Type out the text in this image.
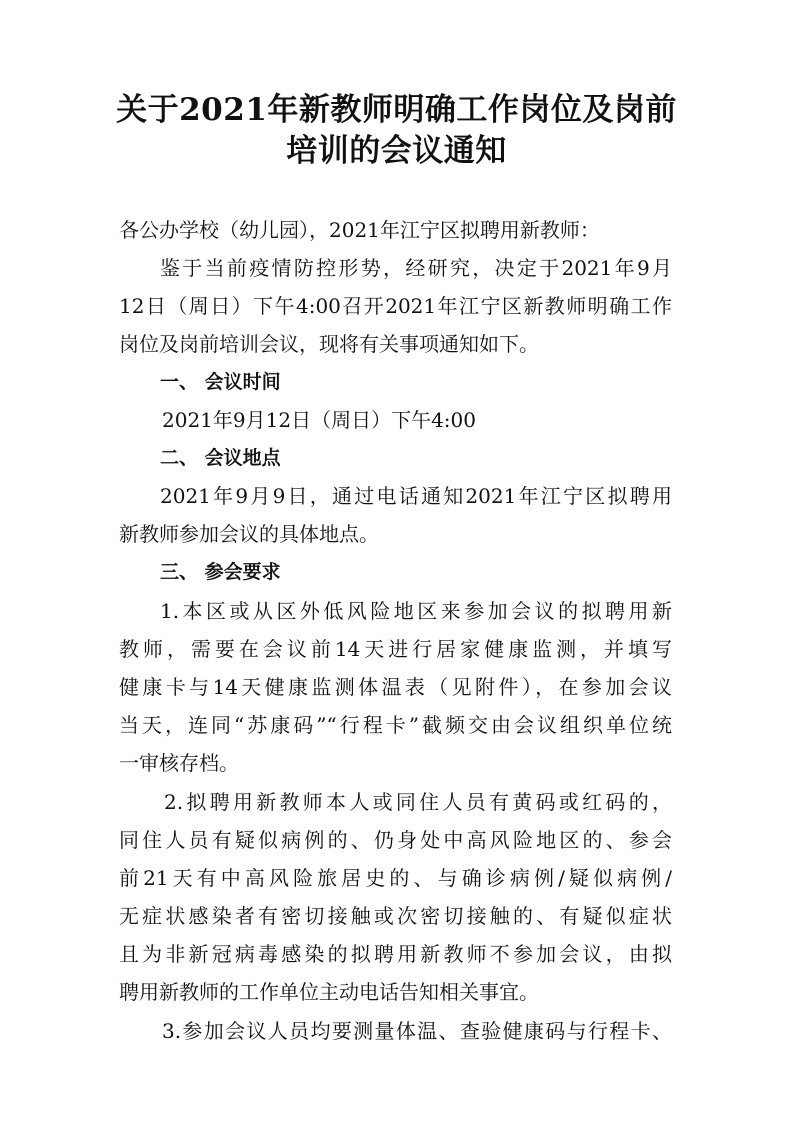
关于2021年新教师明确工作岗位及岗前
培训的会议通知
各公办学校（幼儿园），2021年江宁区拟聘用新教师：
鉴于当前疫情防控形势，经研究，决定于2021年9月
12日（周日）下午4:00召开2021年江宁区新教师明确工作
岗位及岗前培训会议，现将有关事项通知如下。
一、 会议时间
2021年9月12日（周日）下午4:00
二、 会议地点
2021年9月9日，通过电话通知2021年江宁区拟聘用
新教师参加会议的具体地点。
三、 参会要求
1.本区或从区外低风险地区来参加会议的拟聘用新
教师，需要在会议前14天进行居家健康监测，并填写
健康卡与14天健康监测体温表（见附件），在参加会议
当天，连同“苏康码”“行程卡”截频交由会议组织单位统
一审核存档。
2.拟聘用新教师本人或同住人员有黄码或红码的，
同住人员有疑似病例的、仍身处中高风险地区的、参会
前21天有中高风险旅居史的、与确诊病例/疑似病例/
无症状感染者有密切接触或次密切接触的、有疑似症状
且为非新冠病毒感染的拟聘用新教师不参加会议，由拟
聘用新教师的工作单位主动电话告知相关事宜。
3.参加会议人员均要测量体温、查验健康码与行程卡、
